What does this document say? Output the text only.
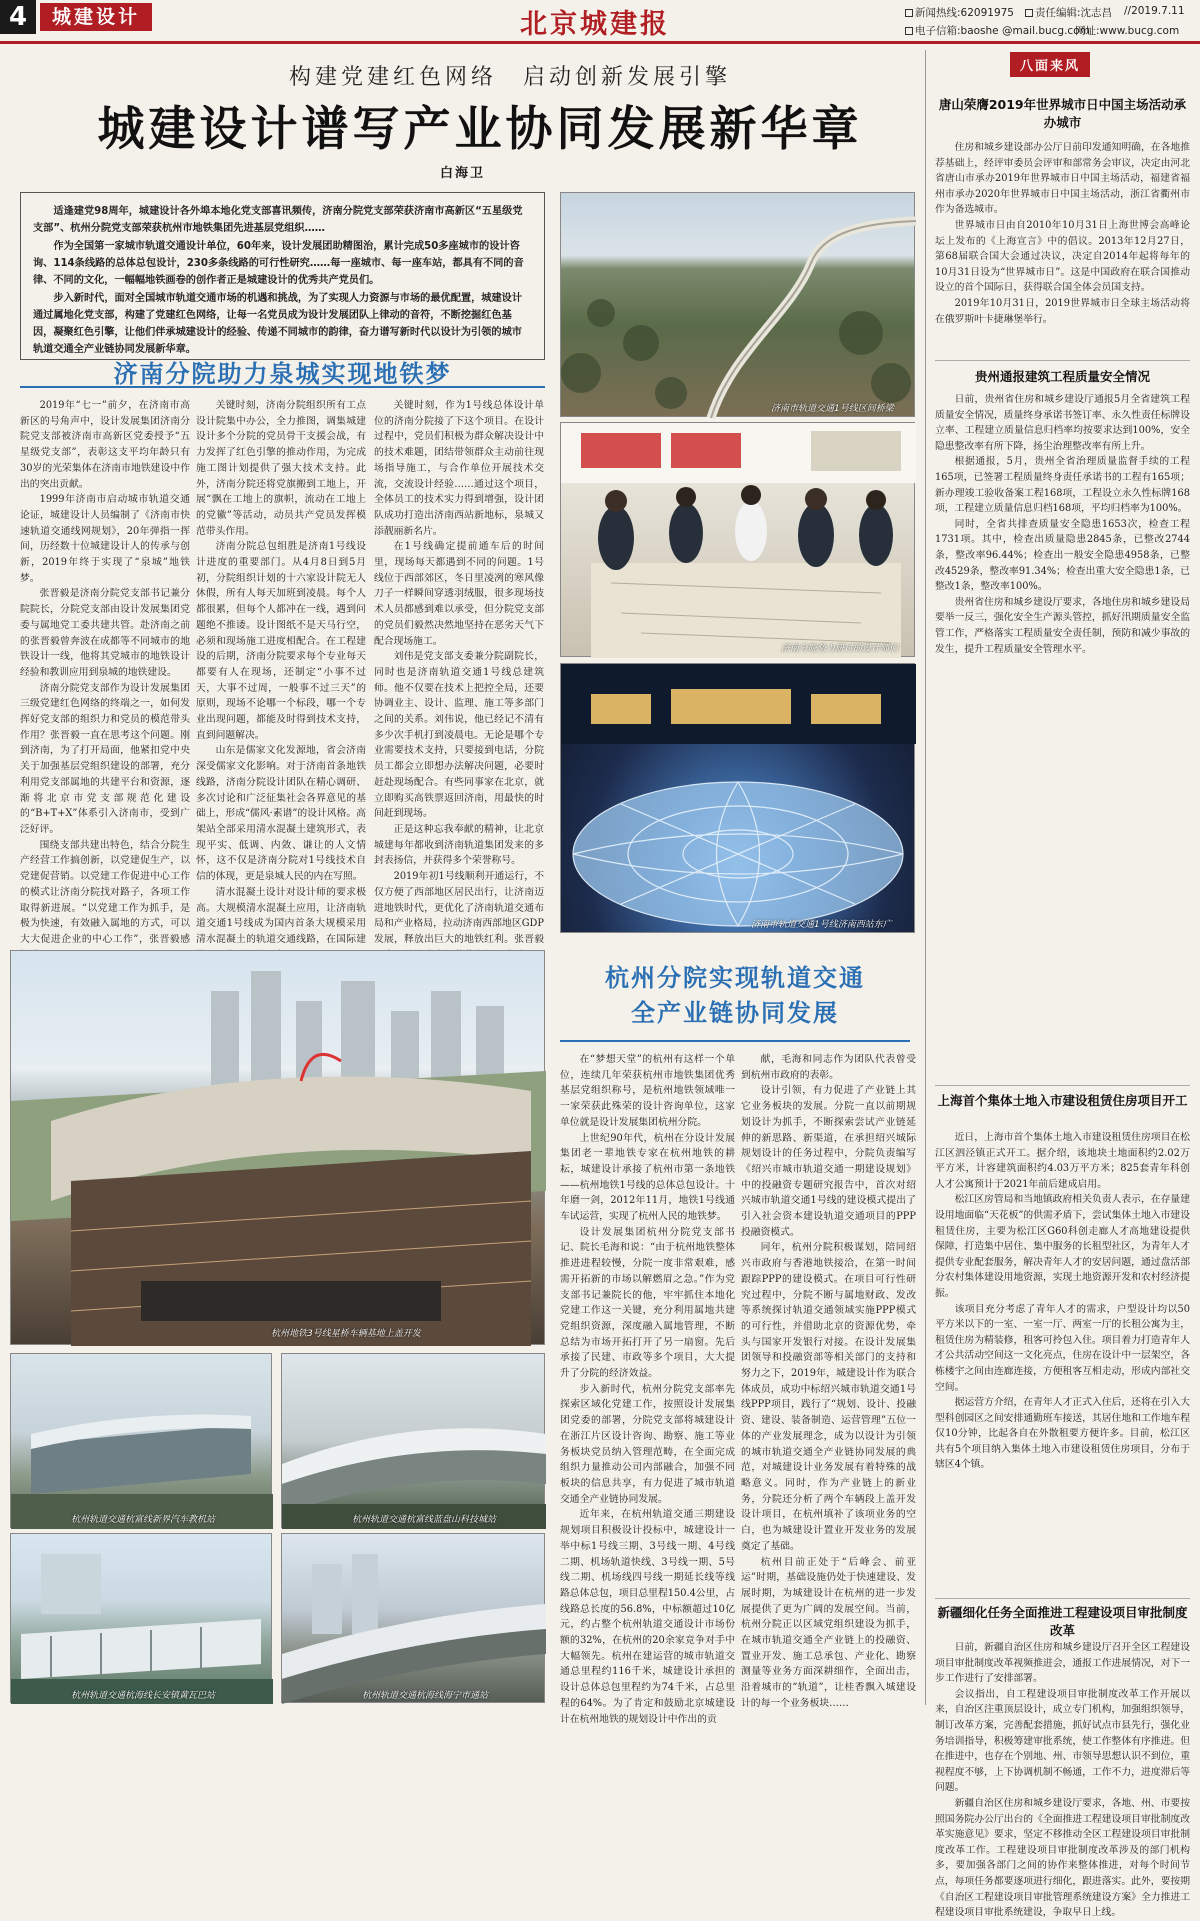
4	城建设计	北京城建报	新闻热线:62091975	责任编辑:沈志昌 //2019.7.11
电子信箱:baoshe @mail.bucg.com
网址:www.bucg.com
构建党建红色网络　启动创新发展引擎
城建设计谱写产业协同发展新华章
白海卫

适逢建党98周年，城建设计各外埠本地化党支部喜讯频传，济南分院党支部荣获济南市高新区“五星级党支部”、杭州分院党支部荣获杭州市地铁集团先进基层党组织……

作为全国第一家城市轨道交通设计单位，60年来，设计发展团助精图治，累计完成50多座城市的设计咨询、114条线路的总体总包设计，230多条线路的可行性研究……每一座城市、每一座车站，都具有不同的音律、不同的文化，一幅幅地铁画卷的创作者正是城建设计的优秀共产党员们。

步入新时代，面对全国城市轨道交通市场的机遇和挑战，为了实现人力资源与市场的最优配置，城建设计通过属地化党支部，构建了党建红色网络，让每一名党员成为设计发展团队上律动的音符，不断挖掘红色基因，凝聚红色引擎，让他们伴承城建设计的经验、传递不同城市的韵律，奋力谱写新时代以设计为引领的城市轨道交通全产业链协同发展新华章。

济南分院助力泉城实现地铁梦

2019年“七一”前夕，在济南市高新区的号角声中，设计发展集团济南分院党支部被济南市高新区党委授予“五星级党支部”，表彰这支平均年龄只有30岁的光荣集体在济南市地铁建设中作出的突出贡献。

1999年济南市启动城市轨道交通论证，城建设计人员编制了《济南市快速轨道交通线网规划》，20年弹指一挥间，历经数十位城建设计人的传承与创新，2019年终于实现了“泉城”地铁梦。

张晋毅是济南分院党支部书记兼分院院长，分院党支部由设计发展集团党委与属地党工委共建共管。赴济南之前的张晋毅曾奔波在成都等不同城市的地铁设计一线，他将其党城市的地铁设计经验和教训应用到泉城的地铁建设。

济南分院党支部作为设计发展集团三级党建红色网络的终端之一，如何发挥好党支部的组织力和党员的模范带头作用？张晋毅一直在思考这个问题。刚到济南，为了打开局面，他紧扣党中央关于加强基层党组织建设的部署，充分利用党支部属地的共建平台和资源，逐渐将北京市党支部规范化建设的“B+T+X”体系引入济南市，受到广泛好评。

围绕支部共建出特色，结合分院生产经营工作搞创新，以党建促生产，以党建促营销。以党建工作促进中心工作的模式让济南分院找对路子，各项工作取得新进展。“以党建工作为抓手，是极为快速，有效融入属地的方式，可以大大促进企业的中心工作”，张晋毅感

关键时刻，济南分院组织所有工点设计院集中办公，全力推图，调集城建设计多个分院的党员骨干支援会战，有力发挥了红色引擎的推动作用，为完成施工图计划提供了强大技术支持。此外，济南分院还将党旗搬到工地上，开展“飘在工地上的旗帜，流动在工地上的党徽”等活动，动员共产党员发挥模范带头作用。

济南分院总包组胜是济南1号线设计进度的重要部门。从4月8日到5月初，分院组织计划的十六家设计院无人休假，所有人每天加班到凌晨。每个人都很累，但每个人都冲在一线，遇到问题绝不推诿。设计图纸不是天马行空，必须和现场施工进度相配合。在工程建设的后期，济南分院要求每个专业每天都要有人在现场，还制定“小事不过天，大事不过周，一般事不过三天”的原则，现场不论哪一个标段，哪一个专业出现问题，都能及时得到技术支持，直到问题解决。

山东是儒家文化发源地，省会济南深受儒家文化影响。对于济南首条地铁线路，济南分院设计团队在精心调研、多次讨论和广泛征集社会各界意见的基础上，形成“儒风·素谱”的设计风格。高架站全部采用清水混凝土建筑形式，表现平实、低调、内敛、谦让的人文情怀，这不仅是济南分院对1号线技术自信的体现，更是泉城人民的内在写照。

清水混凝土设计对设计师的要求极高。大规模清水混凝土应用，让济南轨道交通1号线成为国内首条大规模采用清水混凝土的轨道交通线路，在国际建

关键时刻，作为1号线总体设计单位的济南分院接了下这个项目。在设计过程中，党员们积极为群众解决设计中的技术难题，团结带领群众主动前往现场指导施工，与合作单位开展技术交流，交流设计经验……通过这个项目，全体员工的技术实力得到增强，设计团队成功打造出济南西站新地标，泉城又添靓丽新名片。

在1号线确定提前通车后的时间里，现场每天都遇到不同的问题。1号线位于西部郊区，冬日里凌冽的寒风像刀子一样瞬间穿透羽绒服，很多现场技术人员都感到难以承受，但分院党支部的党员们毅然决然地坚持在恶劣天气下配合现场施工。

刘伟是党支部支委兼分院副院长，同时也是济南轨道交通1号线总建筑师。他不仅要在技术上把控全局，还要协调业主、设计、监理、施工等多部门之间的关系。刘伟说，他已经记不清有多少次手机打到凌晨电。无论是哪个专业需要技术支持，只要接到电话，分院员工都会立即想办法解决问题，必要时赶赴现场配合。有些同事家在北京，就立即购买高铁票返回济南，用最快的时间赶到现场。

正是这种忘我奉献的精神，让北京城建每年都收到济南轨道集团发来的多封表扬信，并获得多个荣誉称号。

2019年初1号线顺利开通运行，不仅方便了西部地区居民出行，让济南迈进地铁时代，更优化了济南轨道交通布局和产业格局，拉动济南西部地区GDP发展，释放出巨大的地铁红利。张晋毅

济南市轨道交通1号线区间桥梁
济南分院势力研讨的设计师们
济南市轨道交通1号线济南西站东广
杭州地铁3号线星桥车辆基地上盖开发
杭州轨道交通杭富线新界汽车教机站	杭州轨道交通杭富线蓝盘山科技城站
杭州轨道交通杭海线长安镇黄瓦巴站	杭州轨道交通杭海线海宁市通站
杭州分院实现轨道交通
全产业链协同发展

在“梦想天堂”的杭州有这样一个单位，连续几年荣获杭州市地铁集团优秀基层党组织称号，是杭州地铁领域唯一一家荣获此殊荣的设计咨询单位，这家单位就是设计发展集团杭州分院。

上世纪90年代，杭州在分设计发展集团老一辈地铁专家在杭州地铁的耕耘，城建设计承接了杭州市第一条地铁——杭州地铁1号线的总体总包设计。十年磨一剑，2012年11月，地铁1号线通车试运营，实现了杭州人民的地铁梦。

设计发展集团杭州分院党支部书记、院长毛海和说：“由于杭州地铁整体推进进程较慢，分院一度非常艰难，感需开拓新的市场以解燃眉之急。”作为党支部书记兼院长的他，牢牢抓住本地化党建工作这一关键，充分利用属地共建党组织资源，深度融入属地管理，不断总结为市场开拓打开了另一扇窗。先后承接了民建、市政等多个项目，大大提升了分院的经济效益。

步入新时代，杭州分院党支部率先探索区域化党建工作，按照设计发展集团党委的部署，分院党支部将城建设计在浙江片区设计咨询、勘察、施工等业务板块党员纳入管理范畴，在全面完成组织力量推动公司内部融合，加强不同板块的信息共享，有力促进了城市轨道交通全产业链协同发展。

近年来，在杭州轨道交通三期建设规划项目积极设计投标中，城建设计一举中标1号线三期、3号线一期、4号线二期、机场轨道快线、3号线一期、5号线二期、机场线四号线一期延长线等线路总体总包，项目总里程150.4公里，占线路总长度的56.8%，中标额超过10亿元，约占整个杭州轨道交通设计市场份额的32%，在杭州的20余家竞争对手中大幅领先。杭州在建运营的城市轨道交通总里程约116千米，城建设计承担的设计总体总包里程约为74千米，占总里程的64%。为了肯定和鼓励北京城建设计在杭州地铁的规划设计中作出的贡

献，毛海和同志作为团队代表曾受到杭州市政府的表彰。

设计引领，有力促进了产业链上其它业务板块的发展。分院一直以前期规划设计为抓手，不断探索尝试产业链延伸的新思路、新渠道，在承担绍兴城际规划设计的任务过程中，分院负责编写《绍兴市城市轨道交通一期建设规划》中的投融资专题研究报告中，首次对绍兴城市轨道交通1号线的建设模式提出了引入社会资本建设轨道交通项目的PPP投融资模式。

同年，杭州分院积极谋划，陪同绍兴市政府与香港地铁接洽，在第一时间跟踪PPP的建设模式。在项目可行性研究过程中，分院不断与属地财政、发改等系统探讨轨道交通领域实施PPP模式的可行性，并借助北京的资源优势，牵头与国家开发银行对接。在设计发展集团领导和投融资部等相关部门的支持和努力之下，2019年，城建设计作为联合体成员，成功中标绍兴城市轨道交通1号线PPP项目，践行了“规划、设计、投融资、建设、装备制造、运营管理”五位一体的产业发展理念，成为以设计为引领的城市轨道交通全产业链协同发展的典范，对城建设计业务发展有着特殊的战略意义。同时，作为产业链上的新业务，分院还分析了两个车辆段上盖开发设计项目，在杭州填补了该项业务的空白，也为城建设计置业开发业务的发展奠定了基础。

杭州目前正处于“后峰会、前亚运”时期，基础设施仍处于快速建设、发展时期，为城建设计在杭州的进一步发展提供了更为广阔的发展空间。当前，杭州分院正以区域党组织建设为抓手，在城市轨道交通全产业链上的投融资、置业开发、施工总承包、产业化、勘察测量等业务方面深耕细作，全面出击，沿着城市的“轨道”，让桂香飘入城建设计的每一个业务板块……

八面来风
唐山荣膺2019年世界城市日中国主场活动承办城市

住房和城乡建设部办公厅日前印发通知明确，在各地推荐基础上，经评审委员会评审和部常务会审议，决定由河北省唐山市承办2019年世界城市日中国主场活动，福建省福州市承办2020年世界城市日中国主场活动，浙江省衢州市作为备选城市。

世界城市日由自2010年10月31日上海世博会高峰论坛上发布的《上海宣言》中的倡议。2013年12月27日，第68届联合国大会通过决议，决定自2014年起将每年的10月31日设为“世界城市日”。这是中国政府在联合国推动设立的首个国际日，获得联合国全体会员国支持。

2019年10月31日，2019世界城市日全球主场活动将在俄罗斯叶卡捷琳堡举行。

贵州通报建筑工程质量安全情况

日前，贵州省住房和城乡建设厅通报5月全省建筑工程质量安全情况，质量终身承诺书签订率、永久性责任标牌设立率、工程建立质量信息归档率均按要求达到100%，安全隐患整改率有所下降，扬尘治理整改率有所上升。

根据通报，5月，贵州全省治理质量监督手续的工程165项，已签署工程质量终身责任承诺书的工程有165项；新办理竣工验收备案工程168项，工程设立永久性标牌168项，工程建立质量信息归档168项，平均归档率为100%。

同时，全省共排查质量安全隐患1653次，检查工程1731项。其中，检查出质量隐患2845条，已整改2744条，整改率96.44%；检查出一般安全隐患4958条，已整改4529条，整改率91.34%；检查出重大安全隐患1条，已整改1条，整改率100%。

贵州省住房和城乡建设厅要求，各地住房和城乡建设局要举一反三，强化安全生产源头管控，抓好汛期质量安全监管工作，严格落实工程质量安全责任制，预防和减少事故的发生，提升工程质量安全管理水平。

上海首个集体土地入市建设租赁住房项目开工

近日，上海市首个集体土地入市建设租赁住房项目在松江区泗泾镇正式开工。据介绍，该地块土地面积约2.02万平方米，计容建筑面积约4.03万平方米；825套青年科创人才公寓预计于2021年前后建成启用。

松江区房管局和当地镇政府相关负责人表示，在存量建设用地面临“天花板”的供需矛盾下，尝试集体土地入市建设租赁住房，主要为松江区G60科创走廊人才高地建设提供保障，打造集中居住、集中服务的长租型社区，为青年人才提供专业配套服务，解决青年人才的安居问题，通过盘活部分农村集体建设用地资源，实现土地资源开发和农村经济提振。

该项目充分考虑了青年人才的需求，户型设计均以50平方米以下的一室、一室一厅、两室一厅的长租公寓为主，租赁住房为精装修，租客可拎包入住。项目着力打造青年人才公共活动空间这一文化亮点，住房在设计中一层架空，各栋楼宇之间由连廊连接，方便租客互相走动，形成内部社交空间。

据运营方介绍，在青年人才正式入住后，还将在引入大型科创园区之间安排通勤班车接送，其居住地和工作地车程仅10分钟，比起各自在外散租要方便许多。目前，松江区共有5个项目纳入集体土地入市建设租赁住房项目，分布于辖区4个镇。

新疆细化任务全面推进工程建设项目审批制度改革

日前，新疆自治区住房和城乡建设厅召开全区工程建设项目审批制度改革视频推进会，通报工作进展情况，对下一步工作进行了安排部署。

会议指出，自工程建设项目审批制度改革工作开展以来，自治区注重顶层设计，成立专门机构，加强组织领导，制订改革方案，完善配套措施，抓好试点市县先行，强化业务培训指导，积极筹建审批系统，使工作整体有序推进。但在推进中，也存在个别地、州、市领导思想认识不到位，重视程度不够，上下协调机制不畅通，工作不力，进度滞后等问题。

新疆自治区住房和城乡建设厅要求，各地、州、市要按照国务院办公厅出台的《全面推进工程建设项目审批制度改革实施意见》要求，坚定不移推动全区工程建设项目审批制度改革工作。工程建设项目审批制度改革涉及的部门机构多，要加强各部门之间的协作来整体推进，对每个时间节点，每项任务都要逐项进行细化，跟进落实。此外，要按期《自治区工程建设项目审批管理系统建设方案》全力推进工程建设项目审批系统建设，争取早日上线。
